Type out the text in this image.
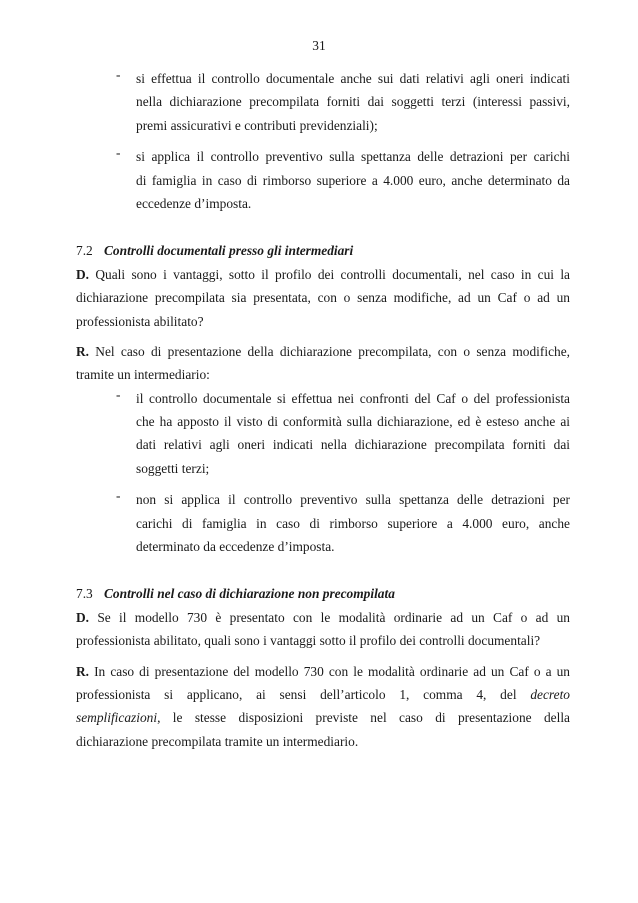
31
- si effettua il controllo documentale anche sui dati relativi agli oneri indicati
nella dichiarazione precompilata forniti dai soggetti terzi (interessi passivi,
premi assicurativi e contributi previdenziali);
- si applica il controllo preventivo sulla spettanza delle detrazioni per carichi
di famiglia in caso di rimborso superiore a 4.000 euro, anche determinato da
eccedenze d’imposta.
7.2 Controlli documentali presso gli intermediari
D. Quali sono i vantaggi, sotto il profilo dei controlli documentali, nel caso in cui la
dichiarazione precompilata sia presentata, con o senza modifiche, ad un Caf o ad un
professionista abilitato?
R. Nel caso di presentazione della dichiarazione precompilata, con o senza modifiche,
tramite un intermediario:
- il controllo documentale si effettua nei confronti del Caf o del professionista
che ha apposto il visto di conformità sulla dichiarazione, ed è esteso anche ai
dati relativi agli oneri indicati nella dichiarazione precompilata forniti dai
soggetti terzi;
- non si applica il controllo preventivo sulla spettanza delle detrazioni per
carichi di famiglia in caso di rimborso superiore a 4.000 euro, anche
determinato da eccedenze d’imposta.
7.3 Controlli nel caso di dichiarazione non precompilata
D. Se il modello 730 è presentato con le modalità ordinarie ad un Caf o ad un
professionista abilitato, quali sono i vantaggi sotto il profilo dei controlli documentali?
R. In caso di presentazione del modello 730 con le modalità ordinarie ad un Caf o a un
professionista si applicano, ai sensi dell’articolo 1, comma 4, del decreto
semplificazioni, le stesse disposizioni previste nel caso di presentazione della
dichiarazione precompilata tramite un intermediario.
